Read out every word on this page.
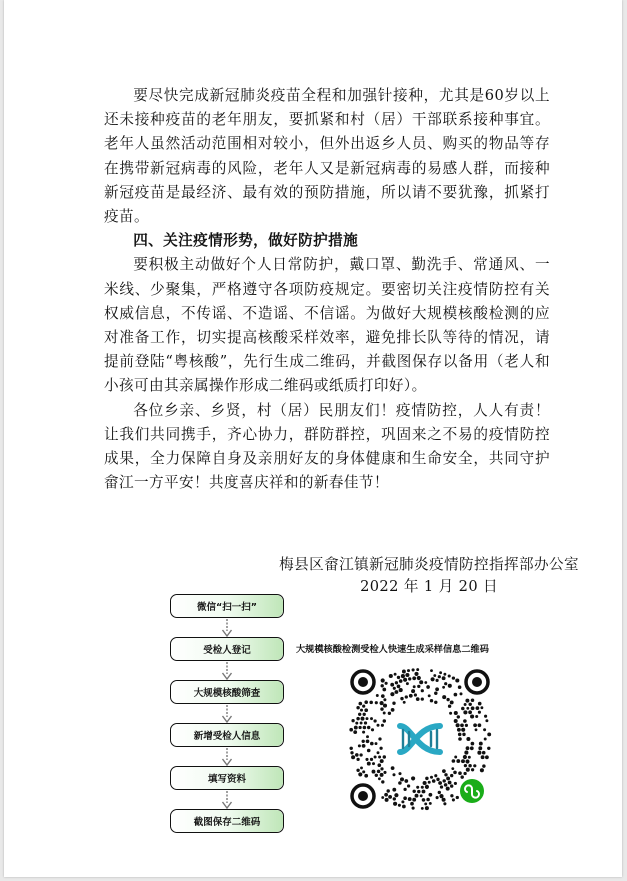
要尽快完成新冠肺炎疫苗全程和加强针接种，尤其是60岁以上还未接种疫苗的老年朋友，要抓紧和村（居）干部联系接种事宜。老年人虽然活动范围相对较小，但外出返乡人员、购买的物品等存在携带新冠病毒的风险，老年人又是新冠病毒的易感人群，而接种新冠疫苗是最经济、最有效的预防措施，所以请不要犹豫，抓紧打疫苗。

四、关注疫情形势，做好防护措施

要积极主动做好个人日常防护，戴口罩、勤洗手、常通风、一米线、少聚集，严格遵守各项防疫规定。要密切关注疫情防控有关权威信息，不传谣、不造谣、不信谣。为做好大规模核酸检测的应对准备工作，切实提高核酸采样效率，避免排长队等待的情况，请提前登陆“粤核酸”，先行生成二维码，并截图保存以备用（老人和小孩可由其亲属操作形成二维码或纸质打印好）。

各位乡亲、乡贤，村（居）民朋友们！疫情防控，人人有责！让我们共同携手，齐心协力，群防群控，巩固来之不易的疫情防控成果，全力保障自身及亲朋好友的身体健康和生命安全，共同守护畲江一方平安！共度喜庆祥和的新春佳节！

梅县区畲江镇新冠肺炎疫情防控指挥部办公室
2022 年 1 月 20 日
微信“扫一扫”
受检人登记
大规模核酸筛查
新增受检人信息
填写资料
截图保存二维码
大规模核酸检测受检人快速生成采样信息二维码
